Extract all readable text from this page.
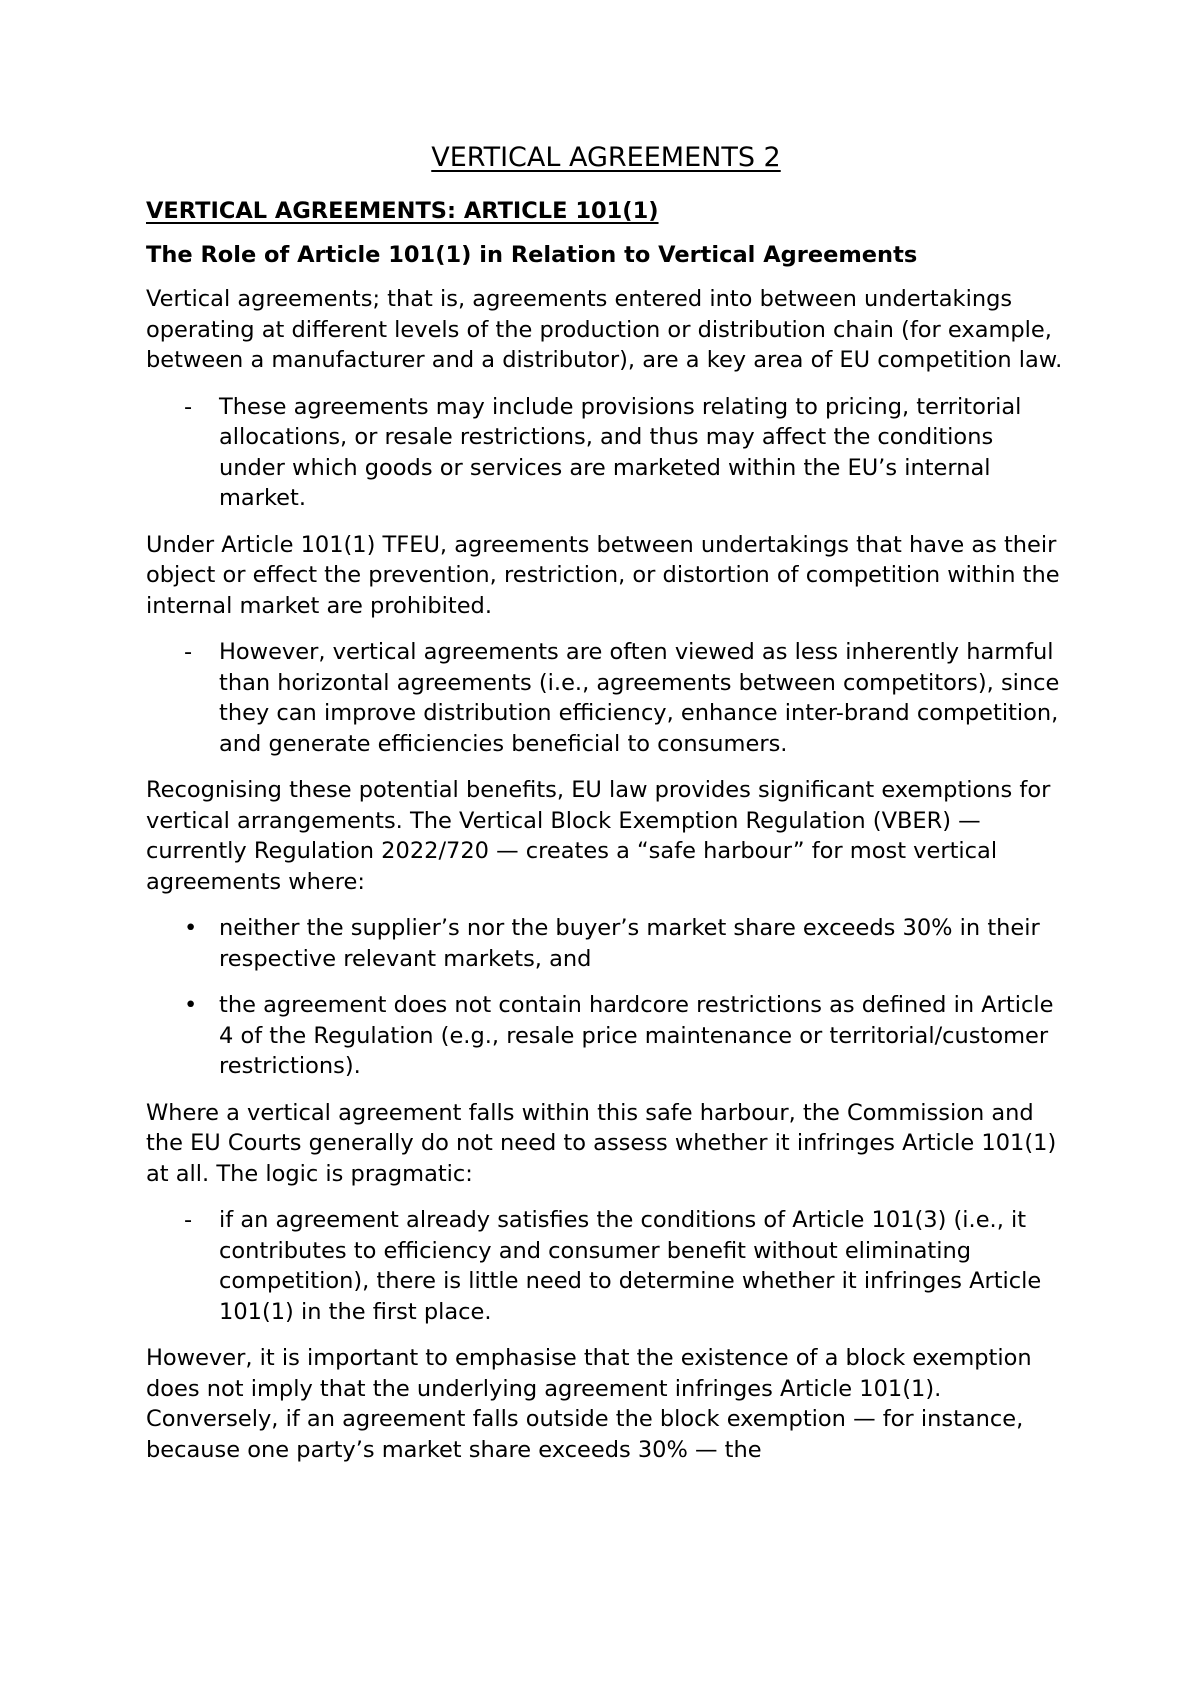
VERTICAL AGREEMENTS 2
VERTICAL AGREEMENTS: ARTICLE 101(1)
The Role of Article 101(1) in Relation to Vertical Agreements

Vertical agreements; that is, agreements entered into between undertakings operating at different levels of the production or distribution chain (for example, between a manufacturer and a distributor), are a key area of EU competition law.

- These agreements may include provisions relating to pricing, territorial allocations, or resale restrictions, and thus may affect the conditions under which goods or services are marketed within the EU’s internal market.

Under Article 101(1) TFEU, agreements between undertakings that have as their object or effect the prevention, restriction, or distortion of competition within the internal market are prohibited.

- However, vertical agreements are often viewed as less inherently harmful than horizontal agreements (i.e., agreements between competitors), since they can improve distribution efficiency, enhance inter-brand competition, and generate efficiencies beneficial to consumers.

Recognising these potential benefits, EU law provides significant exemptions for vertical arrangements. The Vertical Block Exemption Regulation (VBER) — currently Regulation 2022/720 — creates a “safe harbour” for most vertical agreements where:

• neither the supplier’s nor the buyer’s market share exceeds 30% in their respective relevant markets, and
• the agreement does not contain hardcore restrictions as defined in Article 4 of the Regulation (e.g., resale price maintenance or territorial/customer restrictions).

Where a vertical agreement falls within this safe harbour, the Commission and the EU Courts generally do not need to assess whether it infringes Article 101(1) at all. The logic is pragmatic:

- if an agreement already satisfies the conditions of Article 101(3) (i.e., it contributes to efficiency and consumer benefit without eliminating competition), there is little need to determine whether it infringes Article 101(1) in the first place.

However, it is important to emphasise that the existence of a block exemption does not imply that the underlying agreement infringes Article 101(1). Conversely, if an agreement falls outside the block exemption — for instance, because one party’s market share exceeds 30% — the
